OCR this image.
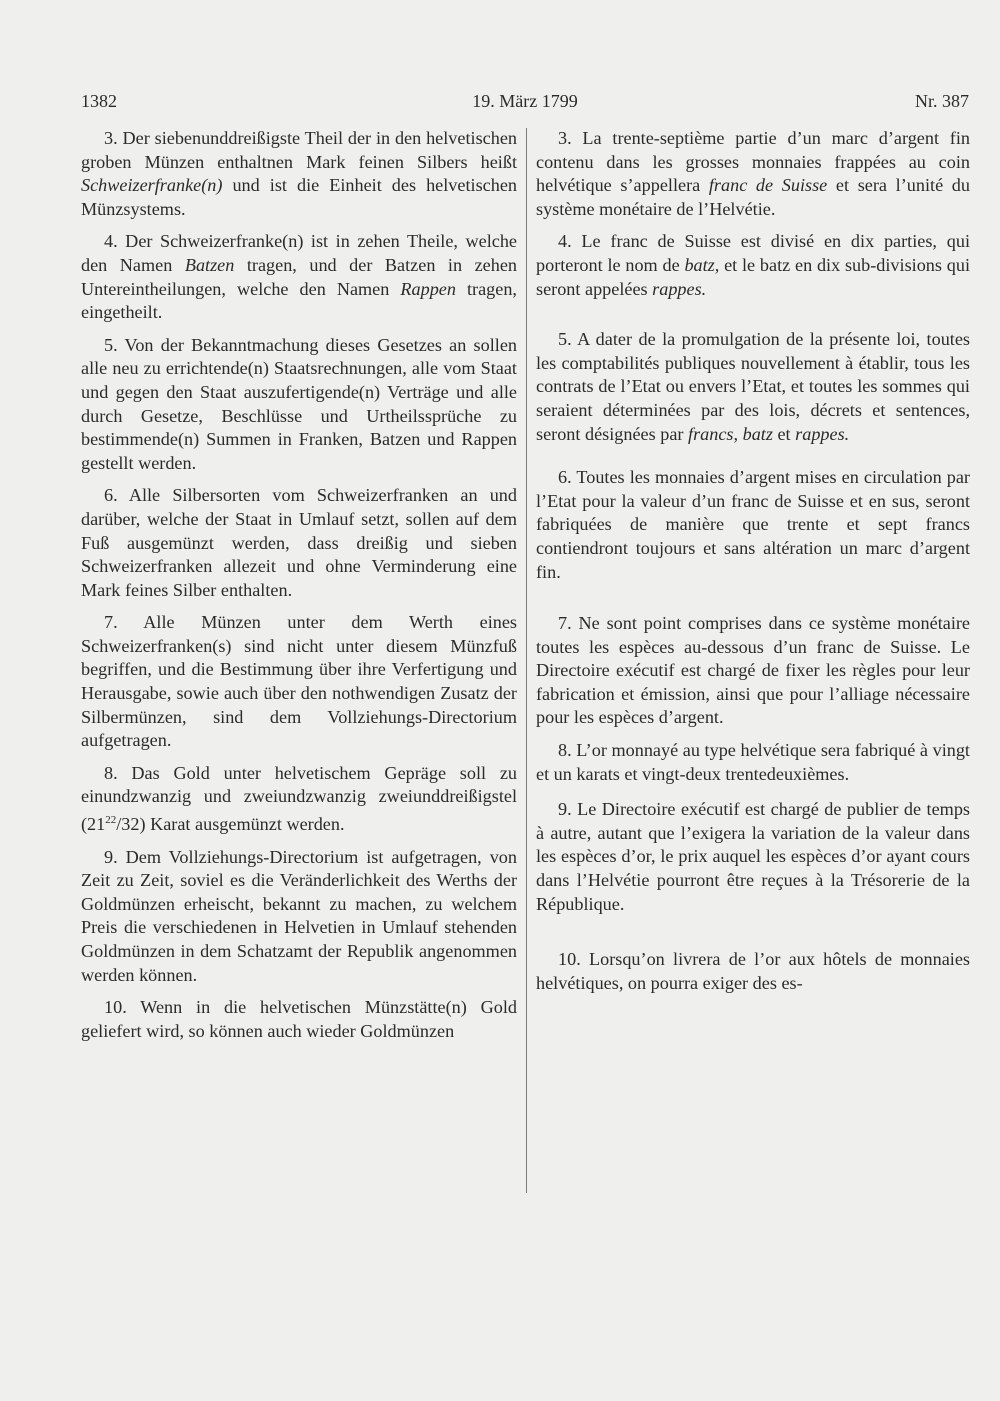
1382	19. März 1799	Nr. 387

3. Der siebenunddreißigste Theil der in den helvetischen groben Münzen enthaltnen Mark feinen Silbers heißt Schweizerfranke(n) und ist die Einheit des helvetischen Münzsystems.

4. Der Schweizerfranke(n) ist in zehen Theile, welche den Namen Batzen tragen, und der Batzen in zehen Untereintheilungen, welche den Namen Rappen tragen, eingetheilt.

5. Von der Bekanntmachung dieses Gesetzes an sollen alle neu zu errichtende(n) Staatsrechnungen, alle vom Staat und gegen den Staat auszufertigende(n) Verträge und alle durch Gesetze, Beschlüsse und Urtheilssprüche zu bestimmende(n) Summen in Franken, Batzen und Rappen gestellt werden.

6. Alle Silbersorten vom Schweizerfranken an und darüber, welche der Staat in Umlauf setzt, sollen auf dem Fuß ausgemünzt werden, dass dreißig und sieben Schweizerfranken allezeit und ohne Verminderung eine Mark feines Silber enthalten.

7. Alle Münzen unter dem Werth eines Schweizerfranken(s) sind nicht unter diesem Münzfuß begriffen, und die Bestimmung über ihre Verfertigung und Herausgabe, sowie auch über den nothwendigen Zusatz der Silbermünzen, sind dem Vollziehungs-Directorium aufgetragen.

8. Das Gold unter helvetischem Gepräge soll zu einundzwanzig und zweiundzwanzig zweiunddreißigstel $(21^{22}/32)$ Karat ausgemünzt werden.

9. Dem Vollziehungs-Directorium ist aufgetragen, von Zeit zu Zeit, soviel es die Veränderlichkeit des Werths der Goldmünzen erheischt, bekannt zu machen, zu welchem Preis die verschiedenen in Helvetien in Umlauf stehenden Goldmünzen in dem Schatzamt der Republik angenommen werden können.

10. Wenn in die helvetischen Münzstätte(n) Gold geliefert wird, so können auch wieder Goldmünzen

3. La trente-septième partie d’un marc d’argent fin contenu dans les grosses monnaies frappées au coin helvétique s’appellera franc de Suisse et sera l’unité du système monétaire de l’Helvétie.

4. Le franc de Suisse est divisé en dix parties, qui porteront le nom de batz, et le batz en dix sub-divisions qui seront appelées rappes.

5. A dater de la promulgation de la présente loi, toutes les comptabilités publiques nouvellement à établir, tous les contrats de l’Etat ou envers l’Etat, et toutes les sommes qui seraient déterminées par des lois, décrets et sentences, seront désignées par francs, batz et rappes.

6. Toutes les monnaies d’argent mises en circulation par l’Etat pour la valeur d’un franc de Suisse et en sus, seront fabriquées de manière que trente et sept francs contiendront toujours et sans altération un marc d’argent fin.

7. Ne sont point comprises dans ce système monétaire toutes les espèces au-dessous d’un franc de Suisse. Le Directoire exécutif est chargé de fixer les règles pour leur fabrication et émission, ainsi que pour l’alliage nécessaire pour les espèces d’argent.

8. L’or monnayé au type helvétique sera fabriqué à vingt et un karats et vingt-deux trentedeuxièmes.

9. Le Directoire exécutif est chargé de publier de temps à autre, autant que l’exigera la variation de la valeur dans les espèces d’or, le prix auquel les espèces d’or ayant cours dans l’Helvétie pourront être reçues à la Trésorerie de la République.

10. Lorsqu’on livrera de l’or aux hôtels de monnaies helvétiques, on pourra exiger des es-
